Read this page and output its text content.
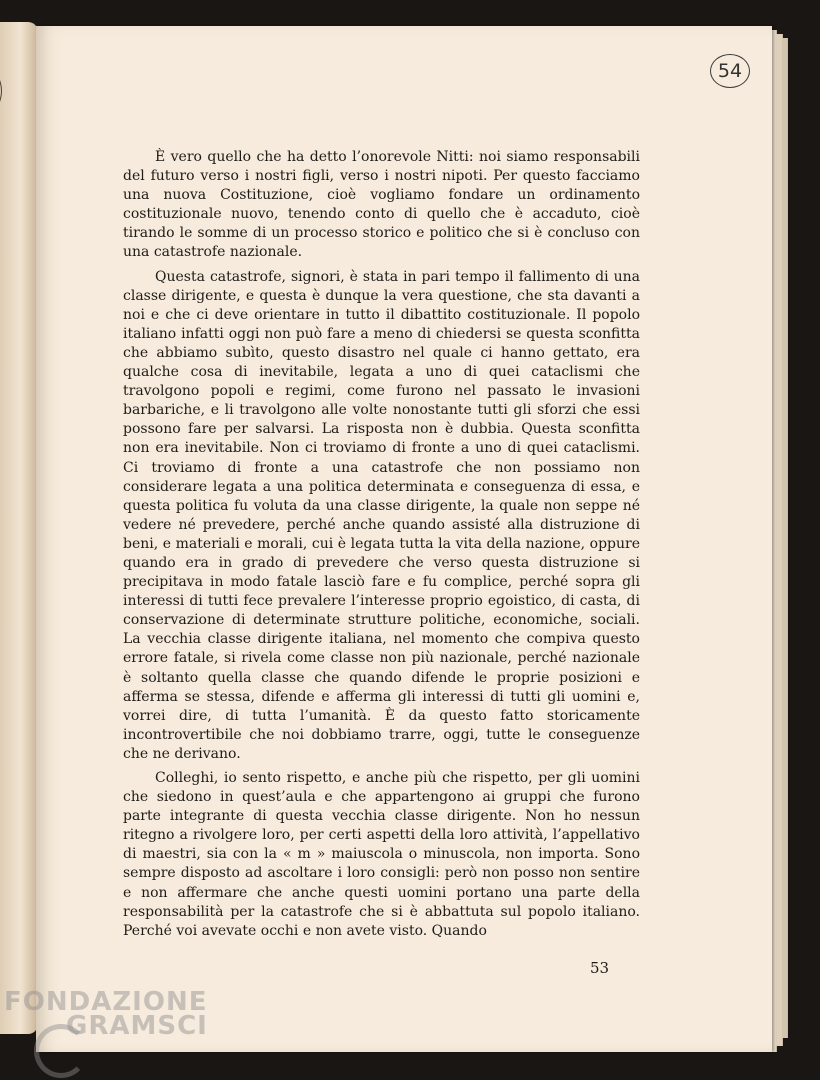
54

È vero quello che ha detto l’onorevole Nitti: noi siamo responsabili del futuro verso i nostri figli, verso i nostri nipoti. Per questo facciamo una nuova Costituzione, cioè vogliamo fondare un ordinamento costituzionale nuovo, tenendo conto di quello che è accaduto, cioè tirando le somme di un processo storico e politico che si è concluso con una catastrofe nazionale.

Questa catastrofe, signori, è stata in pari tempo il fallimento di una classe dirigente, e questa è dunque la vera questione, che sta davanti a noi e che ci deve orientare in tutto il dibattito costituzionale. Il popolo italiano infatti oggi non può fare a meno di chiedersi se questa sconfitta che abbiamo subìto, questo disastro nel quale ci hanno gettato, era qualche cosa di inevitabile, legata a uno di quei cataclismi che travolgono popoli e regimi, come furono nel passato le invasioni barbariche, e li travolgono alle volte nonostante tutti gli sforzi che essi possono fare per salvarsi. La risposta non è dubbia. Questa sconfitta non era inevitabile. Non ci troviamo di fronte a uno di quei cataclismi. Ci troviamo di fronte a una catastrofe che non possiamo non considerare legata a una politica determinata e conseguenza di essa, e questa politica fu voluta da una classe dirigente, la quale non seppe né vedere né prevedere, perché anche quando assisté alla distruzione di beni, e materiali e morali, cui è legata tutta la vita della nazione, oppure quando era in grado di prevedere che verso questa distruzione si precipitava in modo fatale lasciò fare e fu complice, perché sopra gli interessi di tutti fece prevalere l’interesse proprio egoistico, di casta, di conservazione di determinate strutture politiche, economiche, sociali. La vecchia classe dirigente italiana, nel momento che compiva questo errore fatale, si rivela come classe non più nazionale, perché nazionale è soltanto quella classe che quando difende le proprie posizioni e afferma se stessa, difende e afferma gli interessi di tutti gli uomini e, vorrei dire, di tutta l’umanità. È da questo fatto storicamente incontrovertibile che noi dobbiamo trarre, oggi, tutte le conseguenze che ne derivano.

Colleghi, io sento rispetto, e anche più che rispetto, per gli uomini che siedono in quest’aula e che appartengono ai gruppi che furono parte integrante di questa vecchia classe dirigente. Non ho nessun ritegno a rivolgere loro, per certi aspetti della loro attività, l’appellativo di maestri, sia con la « m » maiuscola o minuscola, non importa. Sono sempre disposto ad ascoltare i loro consigli: però non posso non sentire e non affermare che anche questi uomini portano una parte della responsabilità per la catastrofe che si è abbattuta sul popolo italiano. Perché voi avevate occhi e non avete visto. Quando

53
FONDAZIONE
GRAMSCI
